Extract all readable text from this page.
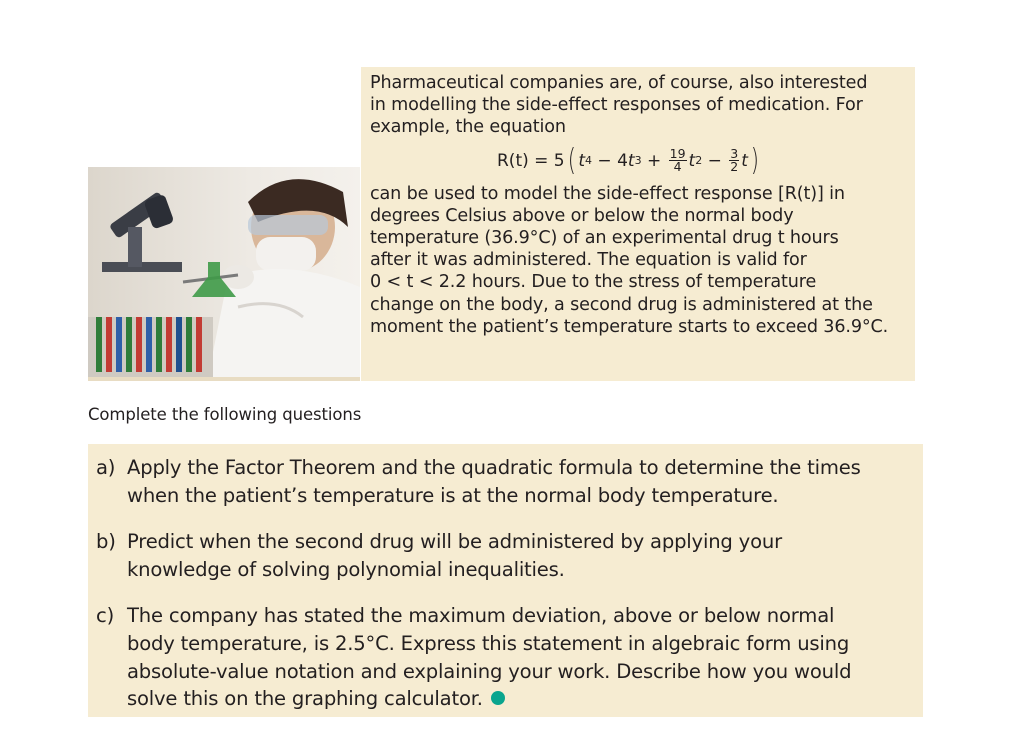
Pharmaceutical companies are, of course, also interested

in modelling the side-effect responses of medication. For

example, the equation

R(t) = 5 ( t 4 − 4 t $3 + \frac{19}{4}$ t $2 - \frac{3}{2}$ t )

can be used to model the side-effect response [R(t)] in

degrees Celsius above or below the normal body

temperature (36.9°C) of an experimental drug t hours

after it was administered. The equation is valid for

0 < t < 2.2 hours. Due to the stress of temperature

change on the body, a second drug is administered at the

moment the patient’s temperature starts to exceed 36.9°C.

Complete the following questions
a) Apply the Factor Theorem and the quadratic formula to determine the times
when the patient’s temperature is at the normal body temperature.
b) Predict when the second drug will be administered by applying your
knowledge of solving polynomial inequalities.
c) The company has stated the maximum deviation, above or below normal
body temperature, is 2.5°C. Express this statement in algebraic form using
absolute-value notation and explaining your work. Describe how you would
solve this on the graphing calculator.
